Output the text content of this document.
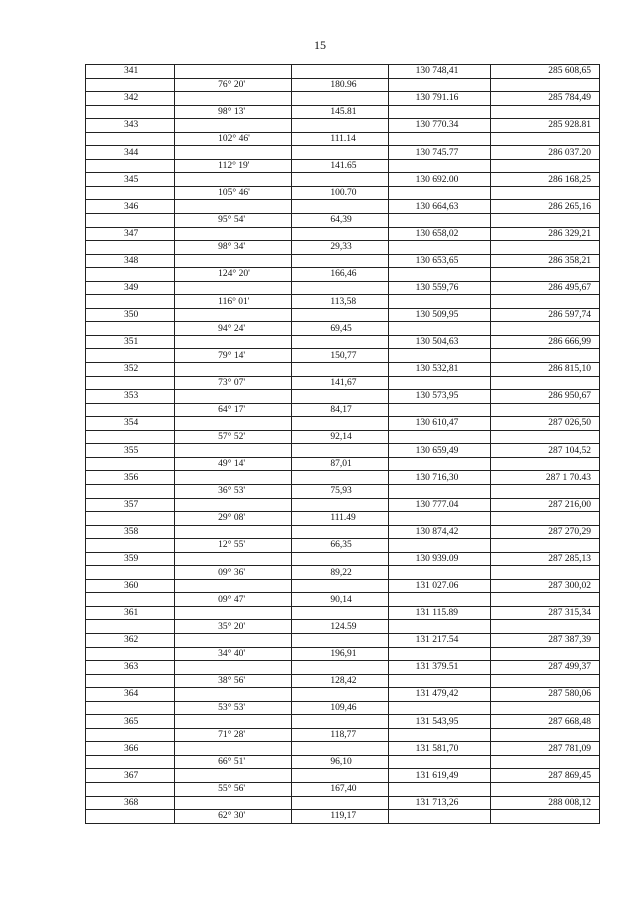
15
341			130 748,41	285 608,65
	76° 20'	180.96		
342			130 791.16	285 784,49
	98° 13'	145.81		
343			130 770.34	285 928.81
	102° 46'	111.14		
344			130 745.77	286 037.20
	112° 19'	141.65		
345			130 692.00	286 168,25
	105° 46'	100.70		
346			130 664,63	286 265,16
	95° 54'	64,39		
347			130 658,02	286 329,21
	98° 34'	29,33		
348			130 653,65	286 358,21
	124° 20'	166,46		
349			130 559,76	286 495,67
	116° 01'	113,58		
350			130 509,95	286 597,74
	94° 24'	69,45		
351			130 504,63	286 666,99
	79° 14'	150,77		
352			130 532,81	286 815,10
	73° 07'	141,67		
353			130 573,95	286 950,67
	64° 17'	84,17		
354			130 610,47	287 026,50
	57° 52'	92,14		
355			130 659,49	287 104,52
	49° 14'	87,01		
356			130 716,30	287 1 70.43
	36° 53'	75,93		
357			130 777.04	287 216,00
	29° 08'	111.49		
358			130 874,42	287 270,29
	12° 55'	66,35		
359			130 939.09	287 285,13
	09° 36'	89,22		
360			131 027.06	287 300,02
	09° 47'	90,14		
361			131 115.89	287 315,34
	35° 20'	124.59		
362			131 217.54	287 387,39
	34° 40'	196,91		
363			131 379.51	287 499,37
	38° 56'	128,42		
364			131 479,42	287 580,06
	53° 53'	109,46		
365			131 543,95	287 668,48
	71° 28'	118,77		
366			131 581,70	287 781,09
	66° 51'	96,10		
367			131 619,49	287 869,45
	55° 56'	167,40		
368			131 713,26	288 008,12
	62° 30'	119,17		
